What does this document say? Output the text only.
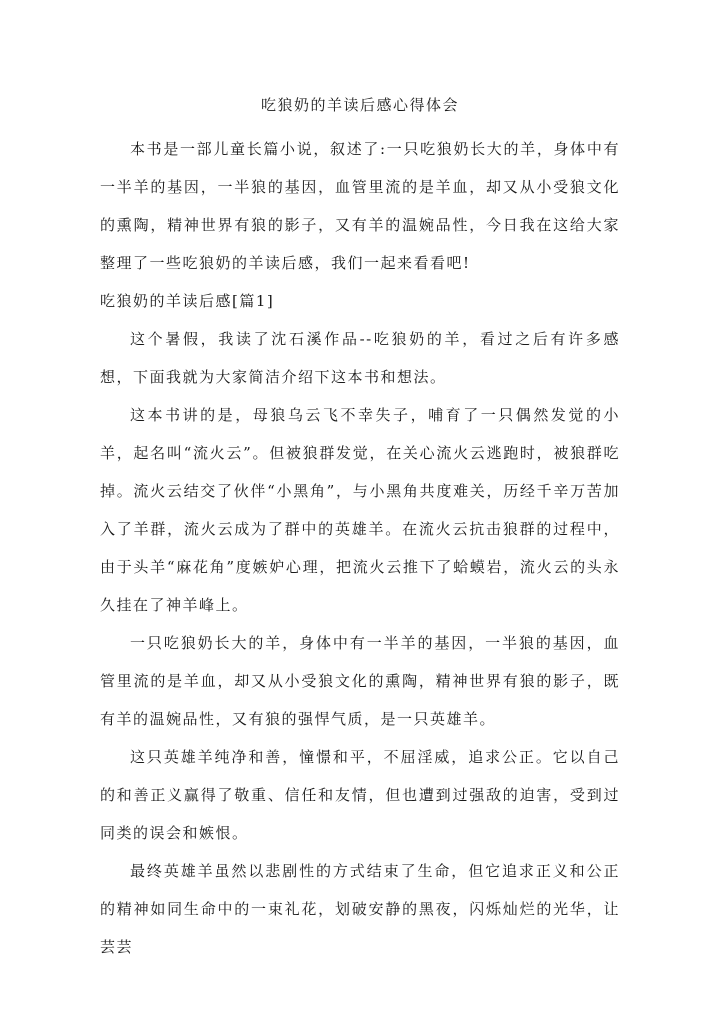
吃狼奶的羊读后感心得体会

本书是一部儿童长篇小说，叙述了:一只吃狼奶长大的羊，身体中有一半羊的基因，一半狼的基因，血管里流的是羊血，却又从小受狼文化的熏陶，精神世界有狼的影子，又有羊的温婉品性，今日我在这给大家整理了一些吃狼奶的羊读后感，我们一起来看看吧!

吃狼奶的羊读后感[篇1]

这个暑假，我读了沈石溪作品--吃狼奶的羊，看过之后有许多感想，下面我就为大家简洁介绍下这本书和想法。

这本书讲的是，母狼乌云飞不幸失子，哺育了一只偶然发觉的小羊，起名叫“流火云”。但被狼群发觉，在关心流火云逃跑时，被狼群吃掉。流火云结交了伙伴“小黑角”，与小黑角共度难关，历经千辛万苦加入了羊群，流火云成为了群中的英雄羊。在流火云抗击狼群的过程中，由于头羊“麻花角”度嫉妒心理，把流火云推下了蛤蟆岩，流火云的头永久挂在了神羊峰上。

一只吃狼奶长大的羊，身体中有一半羊的基因，一半狼的基因，血管里流的是羊血，却又从小受狼文化的熏陶，精神世界有狼的影子，既有羊的温婉品性，又有狼的强悍气质，是一只英雄羊。

这只英雄羊纯净和善，憧憬和平，不屈淫威，追求公正。它以自己的和善正义赢得了敬重、信任和友情，但也遭到过强敌的迫害，受到过同类的误会和嫉恨。

最终英雄羊虽然以悲剧性的方式结束了生命，但它追求正义和公正的精神如同生命中的一束礼花，划破安静的黑夜，闪烁灿烂的光华，让芸芸
